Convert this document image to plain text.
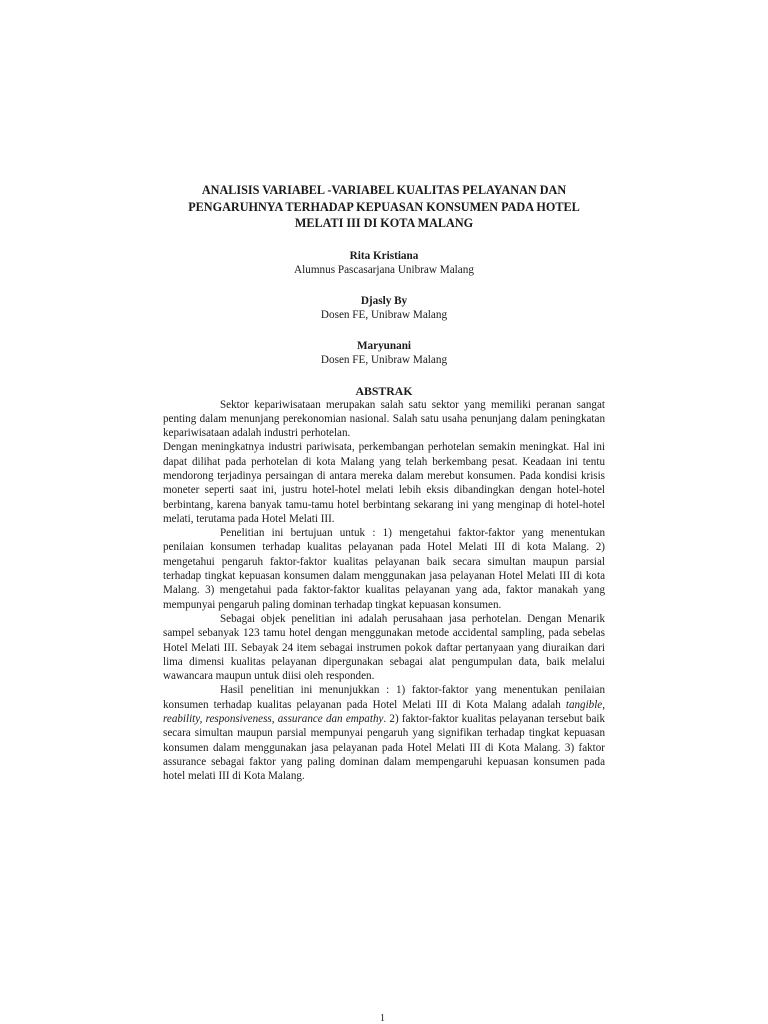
ANALISIS VARIABEL -VARIABEL KUALITAS PELAYANAN DAN PENGARUHNYA TERHADAP KEPUASAN KONSUMEN PADA HOTEL MELATI III DI KOTA MALANG
Rita Kristiana
Alumnus Pascasarjana Unibraw Malang
Djasly By
Dosen FE, Unibraw Malang
Maryunani
Dosen FE, Unibraw Malang
ABSTRAK

Sektor kepariwisataan merupakan salah satu sektor yang memiliki peranan sangat penting dalam menunjang perekonomian nasional. Salah satu usaha penunjang dalam peningkatan kepariwisataan adalah industri perhotelan.

Dengan meningkatnya industri pariwisata, perkembangan perhotelan semakin meningkat. Hal ini dapat dilihat pada perhotelan di kota Malang yang telah berkembang pesat. Keadaan ini tentu mendorong terjadinya persaingan di antara mereka dalam merebut konsumen. Pada kondisi krisis moneter seperti saat ini, justru hotel-hotel melati lebih eksis dibandingkan dengan hotel-hotel berbintang, karena banyak tamu-tamu hotel berbintang sekarang ini yang menginap di hotel-hotel melati, terutama pada Hotel Melati III.

Penelitian ini bertujuan untuk : 1) mengetahui faktor-faktor yang menentukan penilaian konsumen terhadap kualitas pelayanan pada Hotel Melati III di kota Malang. 2) mengetahui pengaruh faktor-faktor kualitas pelayanan baik secara simultan maupun parsial terhadap tingkat kepuasan konsumen dalam menggunakan jasa pelayanan Hotel Melati III di kota Malang. 3) mengetahui pada faktor-faktor kualitas pelayanan yang ada, faktor manakah yang mempunyai pengaruh paling dominan terhadap tingkat kepuasan konsumen.

Sebagai objek penelitian ini adalah perusahaan jasa perhotelan. Dengan Menarik sampel sebanyak 123 tamu hotel dengan menggunakan metode accidental sampling, pada sebelas Hotel Melati III. Sebayak 24 item sebagai instrumen pokok daftar pertanyaan yang diuraikan dari lima dimensi kualitas pelayanan dipergunakan sebagai alat pengumpulan data, baik melalui wawancara maupun untuk diisi oleh responden.

Hasil penelitian ini menunjukkan : 1) faktor-faktor yang menentukan penilaian konsumen terhadap kualitas pelayanan pada Hotel Melati III di Kota Malang adalah tangible, reability, responsiveness, assurance dan empathy. 2) faktor-faktor kualitas pelayanan tersebut baik secara simultan maupun parsial mempunyai pengaruh yang signifikan terhadap tingkat kepuasan konsumen dalam menggunakan jasa pelayanan pada Hotel Melati III di Kota Malang. 3) faktor assurance sebagai faktor yang paling dominan dalam mempengaruhi kepuasan konsumen pada hotel melati III di Kota Malang.

1
